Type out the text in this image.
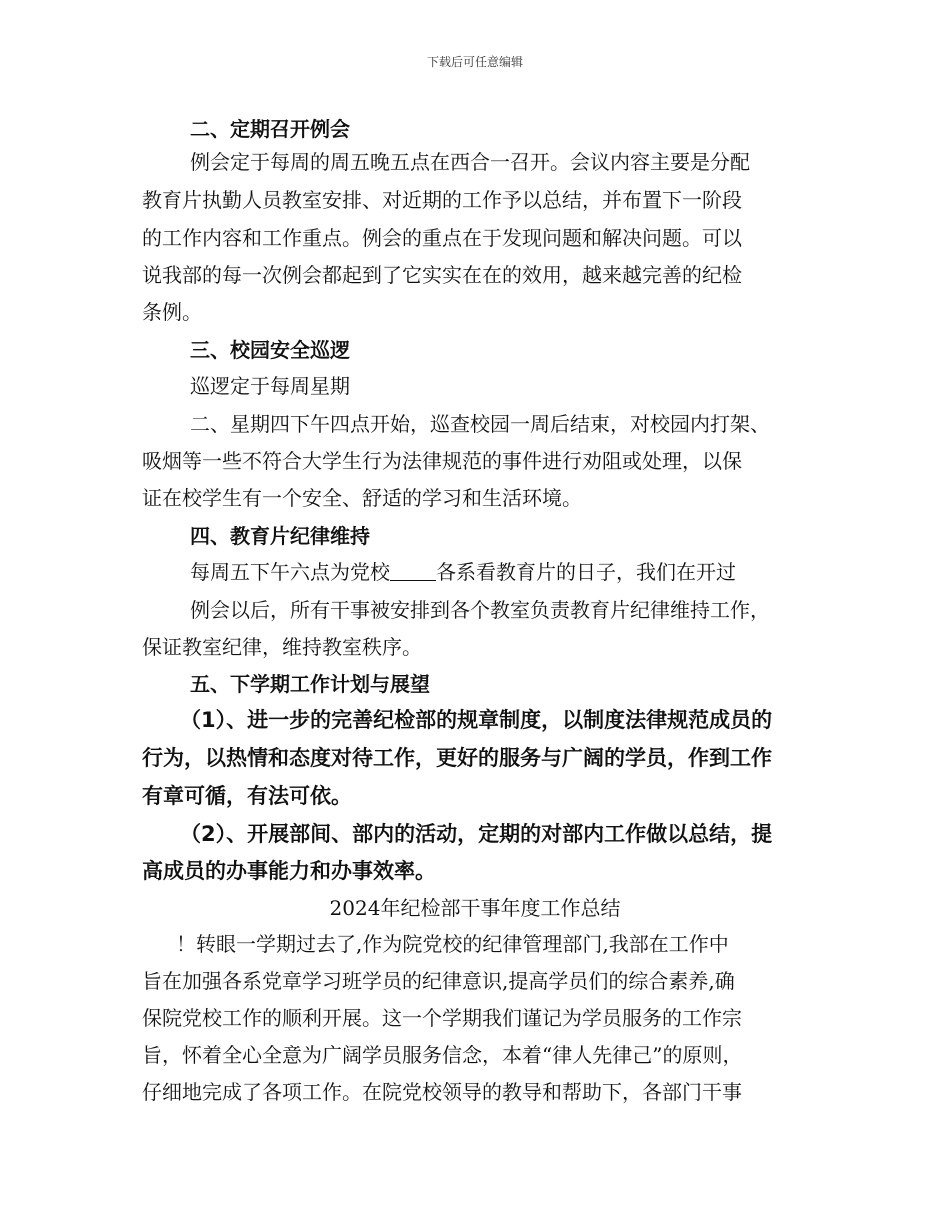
下载后可任意编辑
二、定期召开例会
例会定于每周的周五晚五点在西合一召开。会议内容主要是分配
教育片执勤人员教室安排、对近期的工作予以总结，并布置下一阶段
的工作内容和工作重点。例会的重点在于发现问题和解决问题。可以
说我部的每一次例会都起到了它实实在在的效用，越来越完善的纪检
条例。
三、校园安全巡逻
巡逻定于每周星期
二、星期四下午四点开始，巡查校园一周后结束，对校园内打架、
吸烟等一些不符合大学生行为法律规范的事件进行劝阻或处理，以保
证在校学生有一个安全、舒适的学习和生活环境。
四、教育片纪律维持
每周五下午六点为党校 各系看教育片的日子，我们在开过
例会以后，所有干事被安排到各个教室负责教育片纪律维持工作，
保证教室纪律，维持教室秩序。
五、下学期工作计划与展望
（1）、进一步的完善纪检部的规章制度，以制度法律规范成员的
行为，以热情和态度对待工作，更好的服务与广阔的学员，作到工作
有章可循，有法可依。
（2）、开展部间、部内的活动，定期的对部内工作做以总结，提
高成员的办事能力和办事效率。
2024年纪检部干事年度工作总结
！转眼一学期过去了,作为院党校的纪律管理部门,我部在工作中
旨在加强各系党章学习班学员的纪律意识,提高学员们的综合素养,确
保院党校工作的顺利开展。这一个学期我们谨记为学员服务的工作宗
旨，怀着全心全意为广阔学员服务信念，本着“律人先律己”的原则，
仔细地完成了各项工作。在院党校领导的教导和帮助下，各部门干事
